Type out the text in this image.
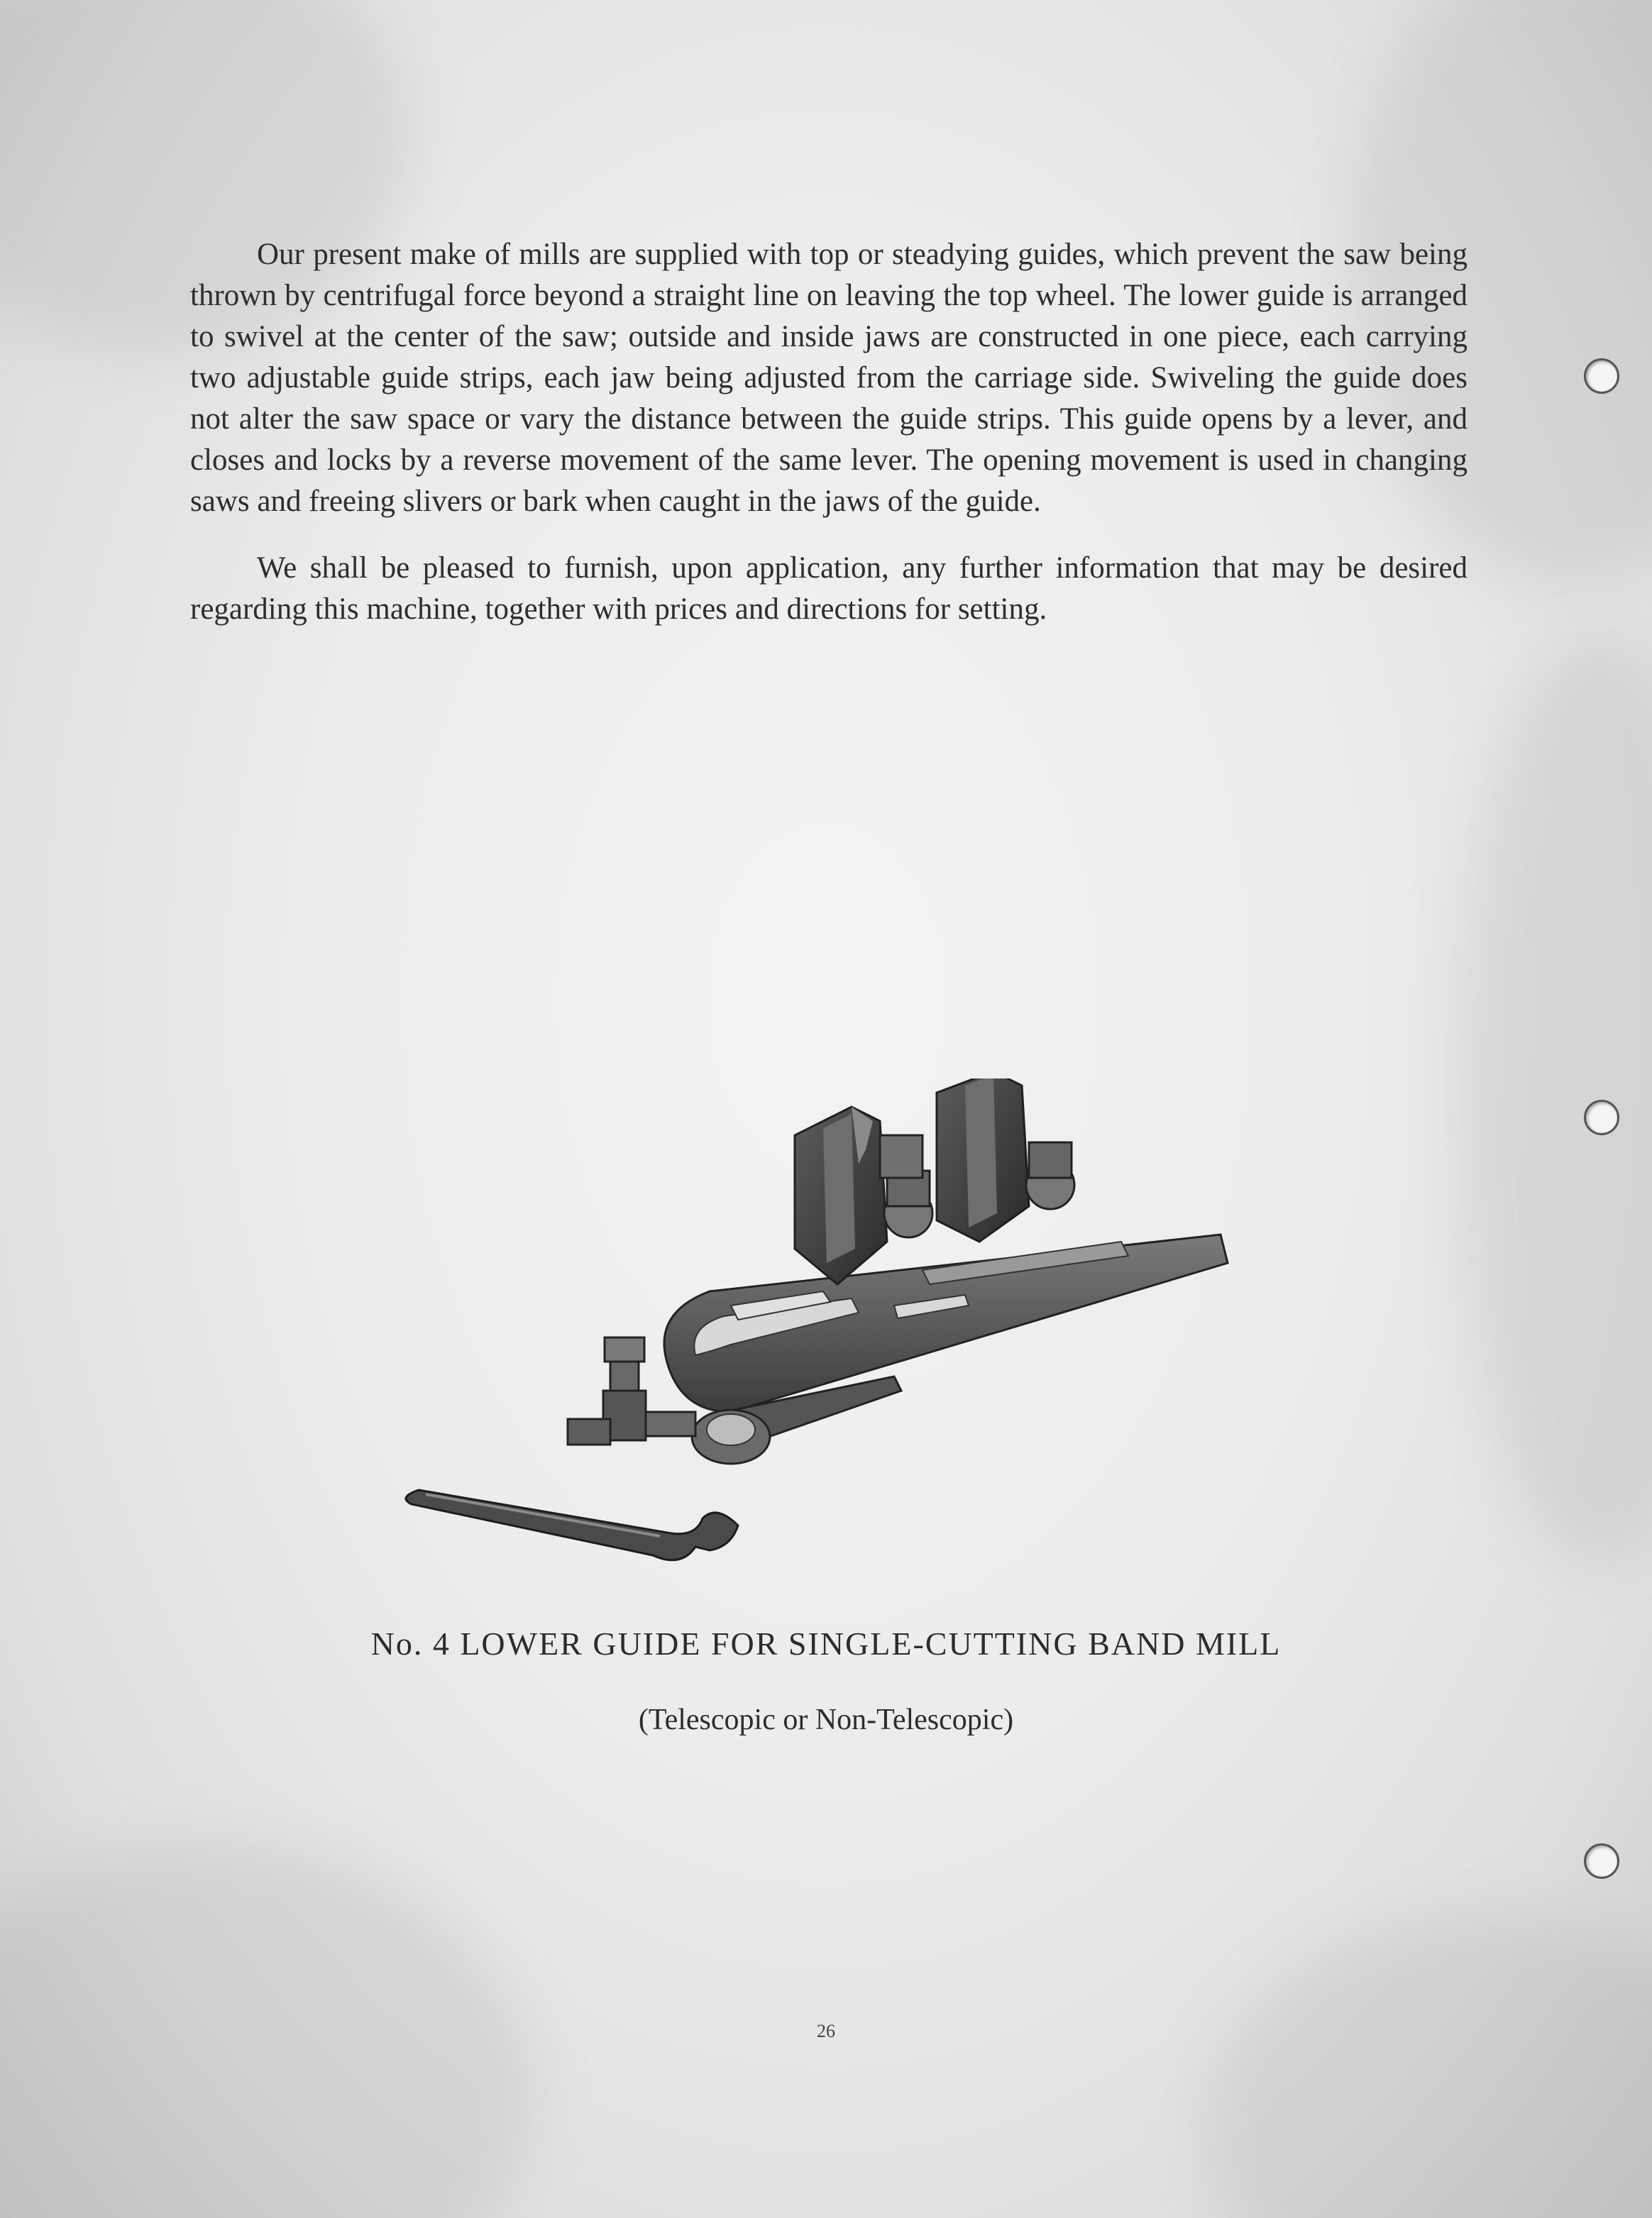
Our present make of mills are supplied with top or steadying guides, which prevent the saw being thrown by centrifugal force beyond a straight line on leaving the top wheel. The lower guide is arranged to swivel at the center of the saw; outside and inside jaws are constructed in one piece, each carrying two adjustable guide strips, each jaw being adjusted from the carriage side. Swiveling the guide does not alter the saw space or vary the distance between the guide strips. This guide opens by a lever, and closes and locks by a reverse movement of the same lever. The opening movement is used in changing saws and freeing slivers or bark when caught in the jaws of the guide.

We shall be pleased to furnish, upon application, any further information that may be desired regarding this machine, together with prices and directions for setting.

No. 4 LOWER GUIDE FOR SINGLE-CUTTING BAND MILL
(Telescopic or Non-Telescopic)
26
